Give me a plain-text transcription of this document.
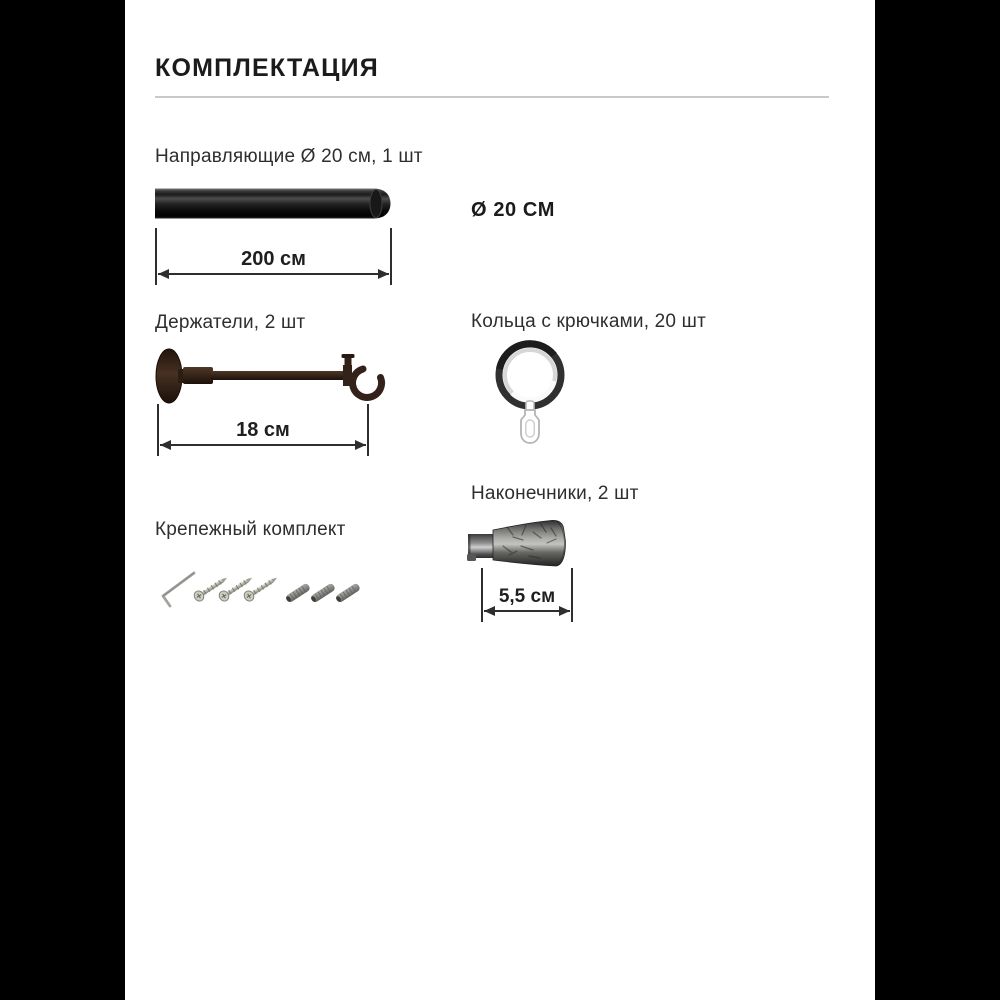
КОМПЛЕКТАЦИЯ
Направляющие Ø 20 см, 1 шт
Ø 20 СМ
200 см
Держатели, 2 шт
18 см
Крепежный комплект
Кольца с крючками, 20 шт
Наконечники, 2 шт
5,5 см
